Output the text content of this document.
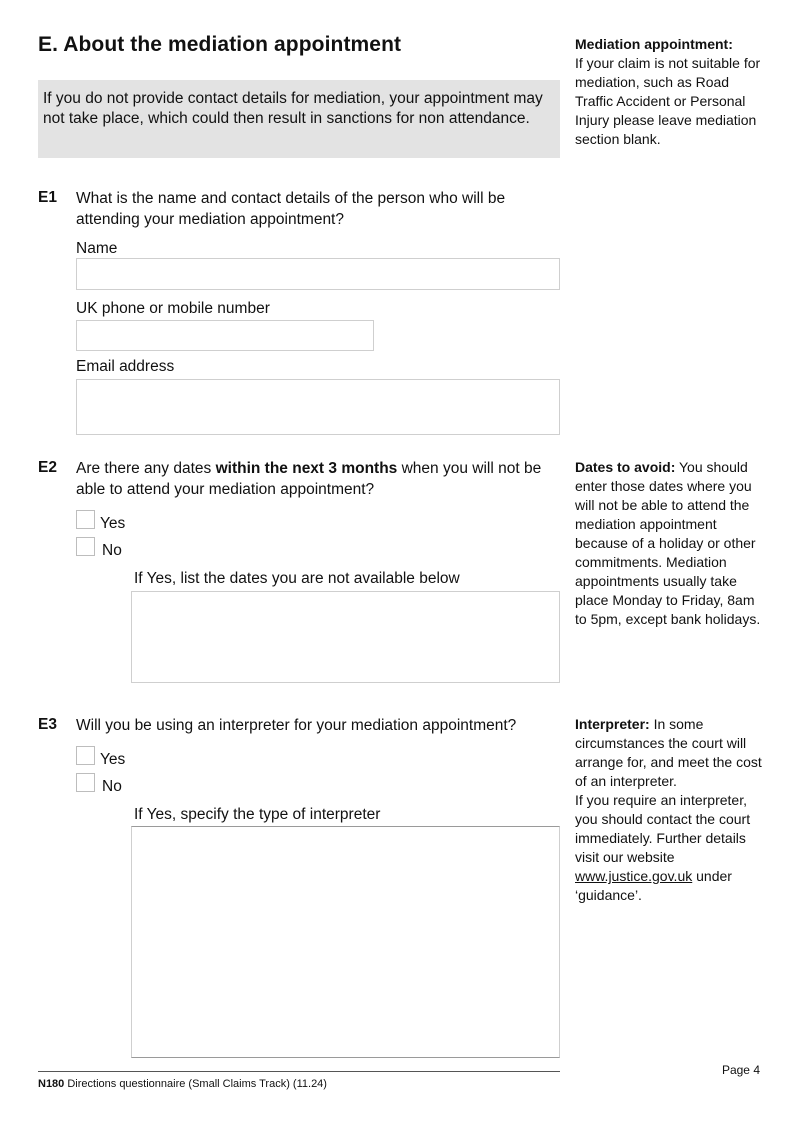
E. About the mediation appointment
If you do not provide contact details for mediation, your appointment may not take place, which could then result in sanctions for non attendance.
E1 What is the name and contact details of the person who will be attending your mediation appointment?
Name
UK phone or mobile number
Email address
E2 Are there any dates within the next 3 months when you will not be able to attend your mediation appointment?
Yes
No
If Yes, list the dates you are not available below
E3 Will you be using an interpreter for your mediation appointment?
Yes
No
If Yes, specify the type of interpreter
Mediation appointment:
If your claim is not suitable for mediation, such as Road Traffic Accident or Personal Injury please leave mediation section blank.
Dates to avoid: You should enter those dates where you will not be able to attend the mediation appointment because of a holiday or other commitments. Mediation appointments usually take place Monday to Friday, 8am to 5pm, except bank holidays.
Interpreter: In some circumstances the court will arrange for, and meet the cost of an interpreter.
If you require an interpreter, you should contact the court immediately. Further details visit our website www.justice.gov.uk under ‘guidance’.
N180 Directions questionnaire (Small Claims Track) (11.24)
Page 4
